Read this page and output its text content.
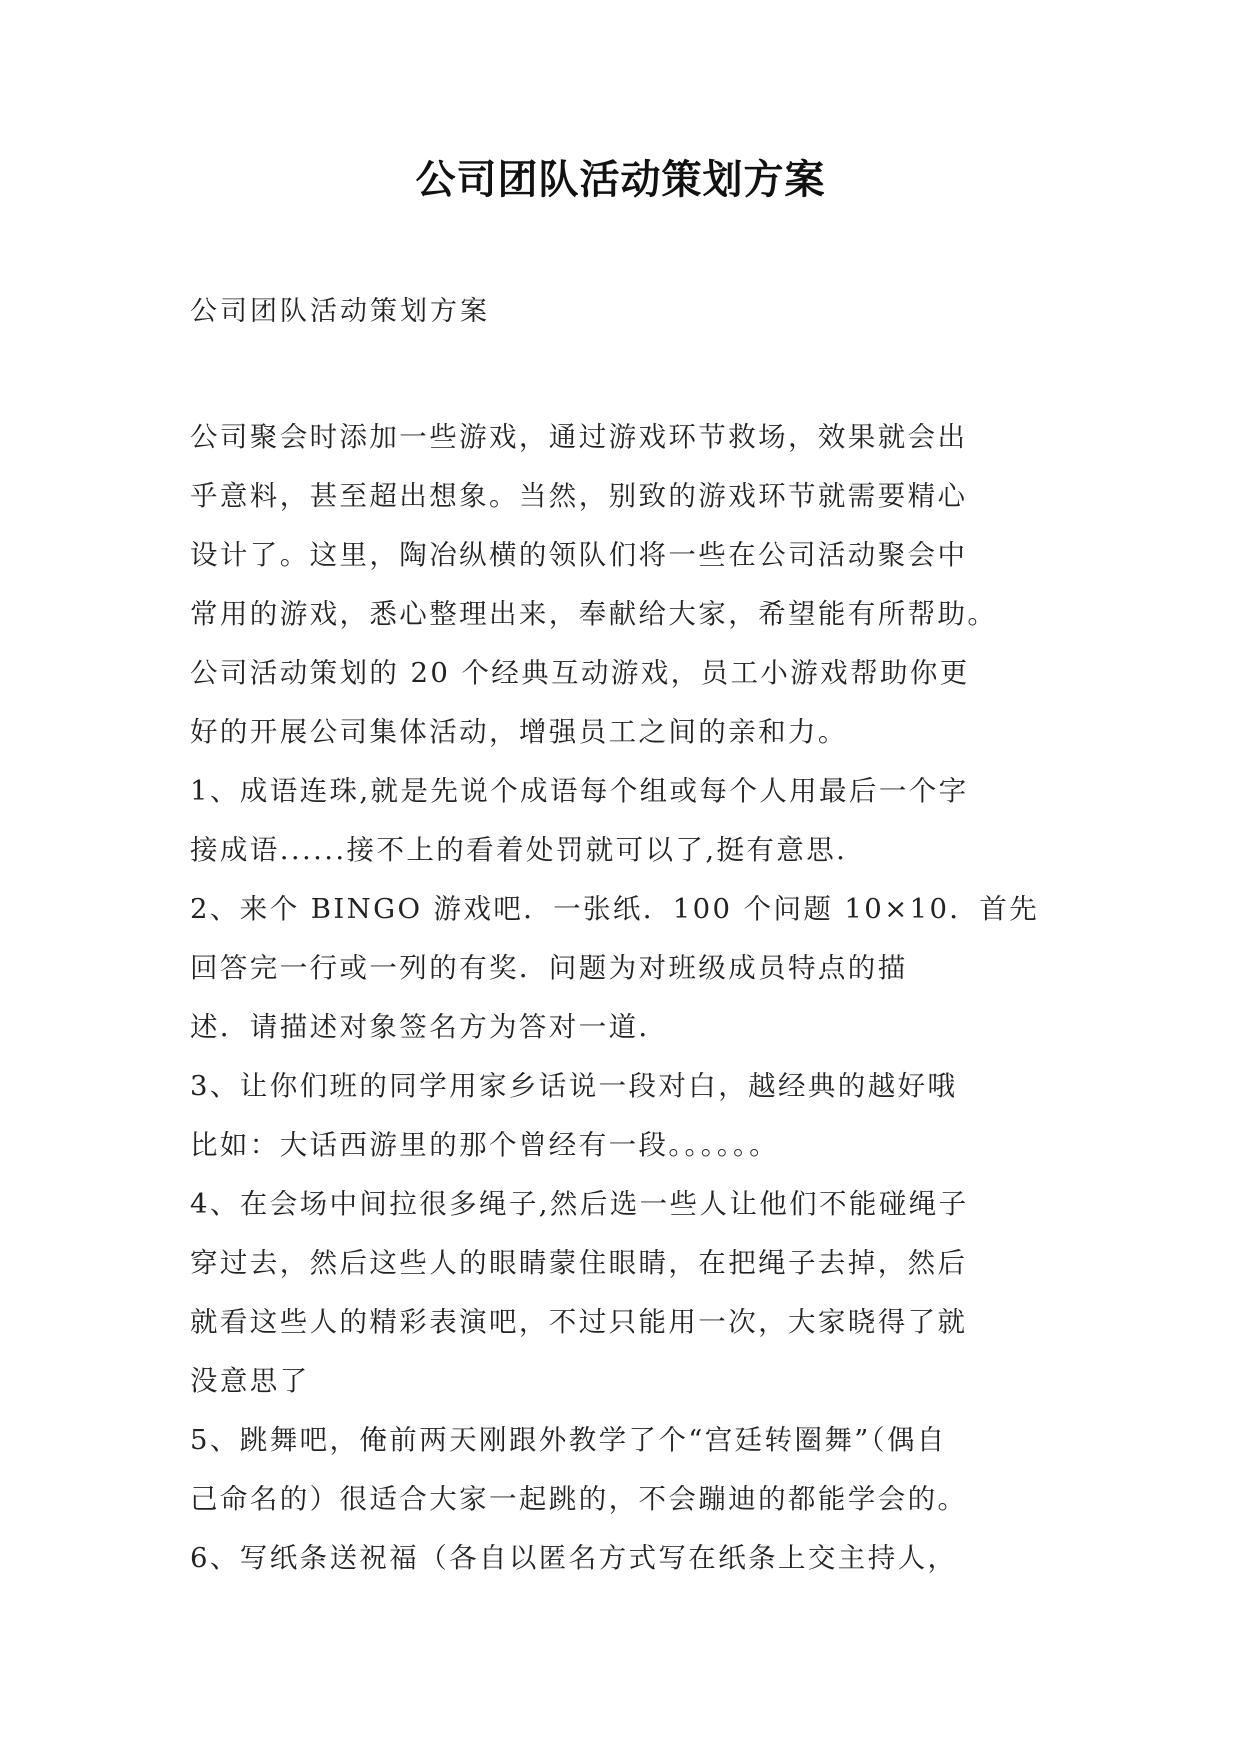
公司团队活动策划方案
公司团队活动策划方案
公司聚会时添加一些游戏，通过游戏环节救场，效果就会出
乎意料，甚至超出想象。当然，别致的游戏环节就需要精心
设计了。这里，陶冶纵横的领队们将一些在公司活动聚会中
常用的游戏，悉心整理出来，奉献给大家，希望能有所帮助。
公司活动策划的 20 个经典互动游戏，员工小游戏帮助你更
好的开展公司集体活动，增强员工之间的亲和力。
1、成语连珠,就是先说个成语每个组或每个人用最后一个字
接成语......接不上的看着处罚就可以了,挺有意思.
2、来个 BINGO 游戏吧．一张纸．100 个问题 10×10．首先
回答完一行或一列的有奖．问题为对班级成员特点的描
述．请描述对象签名方为答对一道．
3、让你们班的同学用家乡话说一段对白，越经典的越好哦
比如：大话西游里的那个曾经有一段。。。。。。
4、在会场中间拉很多绳子,然后选一些人让他们不能碰绳子
穿过去，然后这些人的眼睛蒙住眼睛，在把绳子去掉，然后
就看这些人的精彩表演吧，不过只能用一次，大家晓得了就
没意思了
5、跳舞吧，俺前两天刚跟外教学了个“宫廷转圈舞”（偶自
己命名的）很适合大家一起跳的，不会蹦迪的都能学会的。
6、写纸条送祝福（各自以匿名方式写在纸条上交主持人，
